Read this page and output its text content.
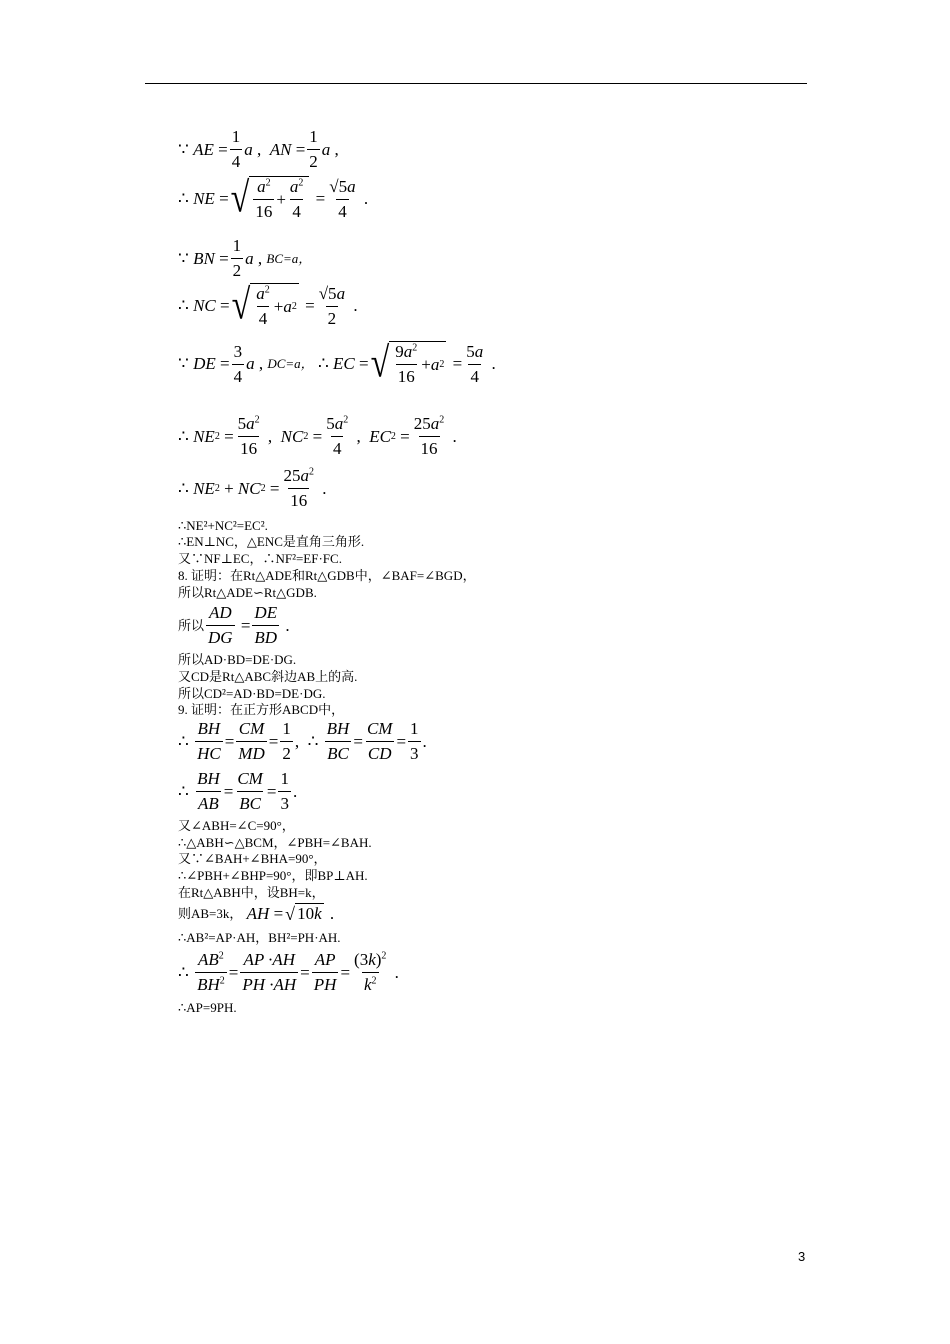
∵ AE = $\frac{1}{4}$ a , AN = $\frac{1}{2}$ a ,
∴ NE = √ $\frac{a^2}{16} + \frac{a^2}{4} = \frac{√5a}{4}$ .
∵ BN = $\frac{1}{2}$ a , BC=a，
∴ NC = √ $\frac{a^2}{4} + a$ $2 = \frac{√5a}{2}$ .
∵ DE = $\frac{3}{4}$ a , DC=a， ∴ EC = √ $\frac{9a^2}{16} + a$ $2 = \frac{5a}{4}$ .
∴ NE $2 = \frac{5a^2}{16}$ , NC $2 = \frac{5a^2}{4}$ , EC $2 = \frac{25a^2}{16}$ .
∴ NE 2 + NC $2 = \frac{25a^2}{16}$ .
∴NE²+NC²=EC².
∴EN⊥NC，△ENC是直角三角形.
又∵NF⊥EC，∴NF²=EF·FC.
8. 证明：在Rt△ADE和Rt△GDB中，∠BAF=∠BGD，
所以Rt△ADE∽Rt△GDB.
所以 $\frac{AD}{DG} = \frac{DE}{BD}$ .
所以AD·BD=DE·DG.
又CD是Rt△ABC斜边AB上的高.
所以CD²=AD·BD=DE·DG.
9. 证明：在正方形ABCD中，
∴ $\frac{BH}{HC} = \frac{CM}{MD} = \frac{1}{2}$ ,  ∴ $\frac{BH}{BC} = \frac{CM}{CD} = \frac{1}{3}$ .
∴ $\frac{BH}{AB} = \frac{CM}{BC} = \frac{1}{3}$ .
又∠ABH=∠C=90°，
∴△ABH∽△BCM，∠PBH=∠BAH.
又∵∠BAH+∠BHA=90°，
∴∠PBH+∠BHP=90°，即BP⊥AH.
在Rt△ABH中，设BH=k，
则AB=3k，
AH = √ 10 k .
∴AB²=AP·AH，BH²=PH·AH.
∴ $\frac{AB^2}{BH^2} = \frac{AP \cdot AH}{PH \cdot AH} = \frac{AP}{PH} = \frac{(3k)^2}{k^2}$ .
∴AP=9PH.
3
